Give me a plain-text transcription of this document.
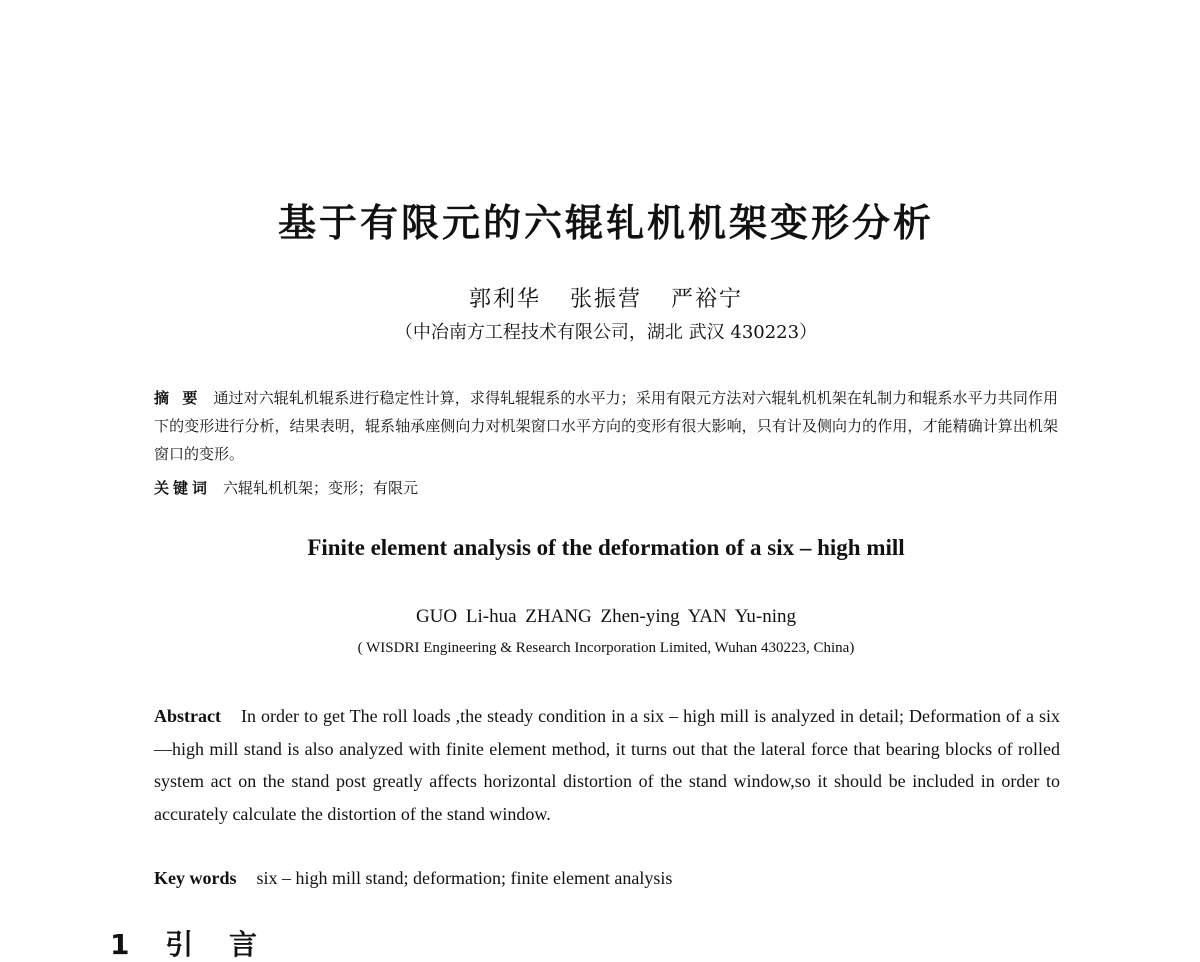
基于有限元的六辊轧机机架变形分析
郭利华 张振营 严裕宁
（中冶南方工程技术有限公司，湖北 武汉 430223）
摘 要 通过对六辊轧机辊系进行稳定性计算，求得轧辊辊系的水平力；采用有限元方法对六辊轧机机架在轧制力和辊系水平力共同作用下的变形进行分析，结果表明，辊系轴承座侧向力对机架窗口水平方向的变形有很大影响，只有计及侧向力的作用，才能精确计算出机架窗口的变形。
关键词 六辊轧机机架；变形；有限元
Finite element analysis of the deformation of a six – high mill
GUO Li-hua ZHANG Zhen-ying YAN Yu-ning
( WISDRI Engineering & Research Incorporation Limited, Wuhan 430223, China)
Abstract In order to get The roll loads ,the steady condition in a six – high mill is analyzed in detail; Deformation of a six—high mill stand is also analyzed with finite element method, it turns out that the lateral force that bearing blocks of rolled system act on the stand post greatly affects horizontal distortion of the stand window,so it should be included in order to accurately calculate the distortion of the stand window.
Key words six – high mill stand; deformation; finite element analysis
1 引 言
